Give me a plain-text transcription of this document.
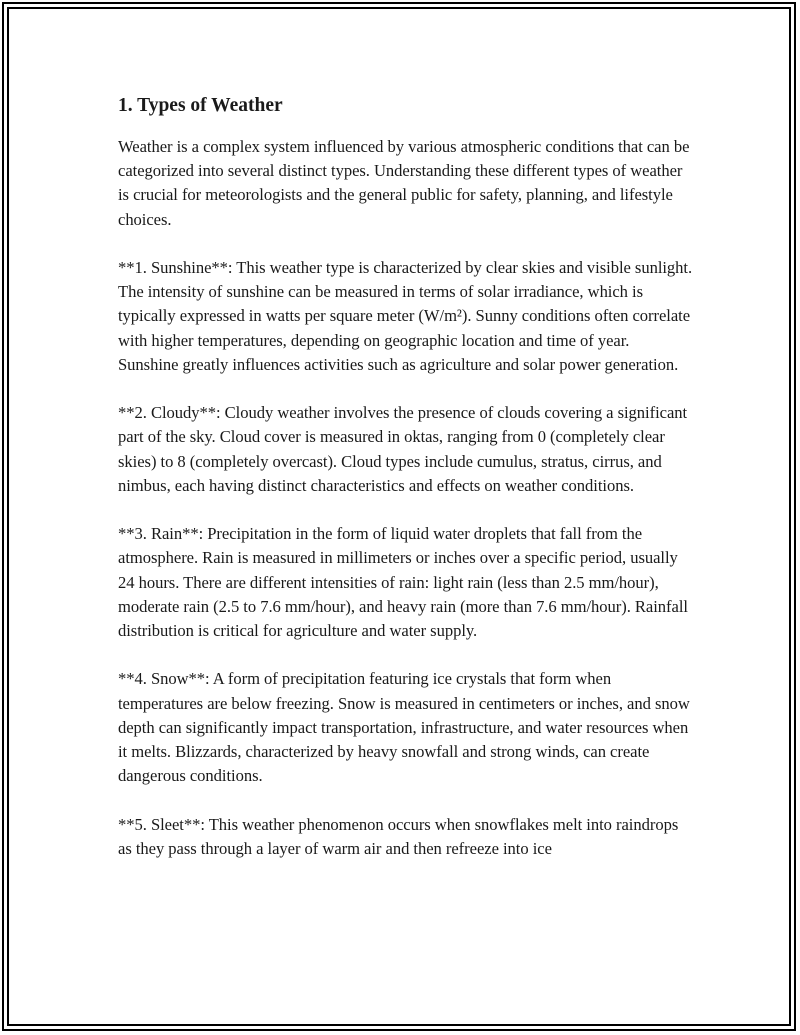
1. Types of Weather

Weather is a complex system influenced by various atmospheric conditions that can be categorized into several distinct types. Understanding these different types of weather is crucial for meteorologists and the general public for safety, planning, and lifestyle choices.

**1. Sunshine**: This weather type is characterized by clear skies and visible sunlight. The intensity of sunshine can be measured in terms of solar irradiance, which is typically expressed in watts per square meter (W/m²). Sunny conditions often correlate with higher temperatures, depending on geographic location and time of year. Sunshine greatly influences activities such as agriculture and solar power generation.

**2. Cloudy**: Cloudy weather involves the presence of clouds covering a significant part of the sky. Cloud cover is measured in oktas, ranging from 0 (completely clear skies) to 8 (completely overcast). Cloud types include cumulus, stratus, cirrus, and nimbus, each having distinct characteristics and effects on weather conditions.

**3. Rain**: Precipitation in the form of liquid water droplets that fall from the atmosphere. Rain is measured in millimeters or inches over a specific period, usually 24 hours. There are different intensities of rain: light rain (less than 2.5 mm/hour), moderate rain (2.5 to 7.6 mm/hour), and heavy rain (more than 7.6 mm/hour). Rainfall distribution is critical for agriculture and water supply.

**4. Snow**: A form of precipitation featuring ice crystals that form when temperatures are below freezing. Snow is measured in centimeters or inches, and snow depth can significantly impact transportation, infrastructure, and water resources when it melts. Blizzards, characterized by heavy snowfall and strong winds, can create dangerous conditions.

**5. Sleet**: This weather phenomenon occurs when snowflakes melt into raindrops as they pass through a layer of warm air and then refreeze into ice
